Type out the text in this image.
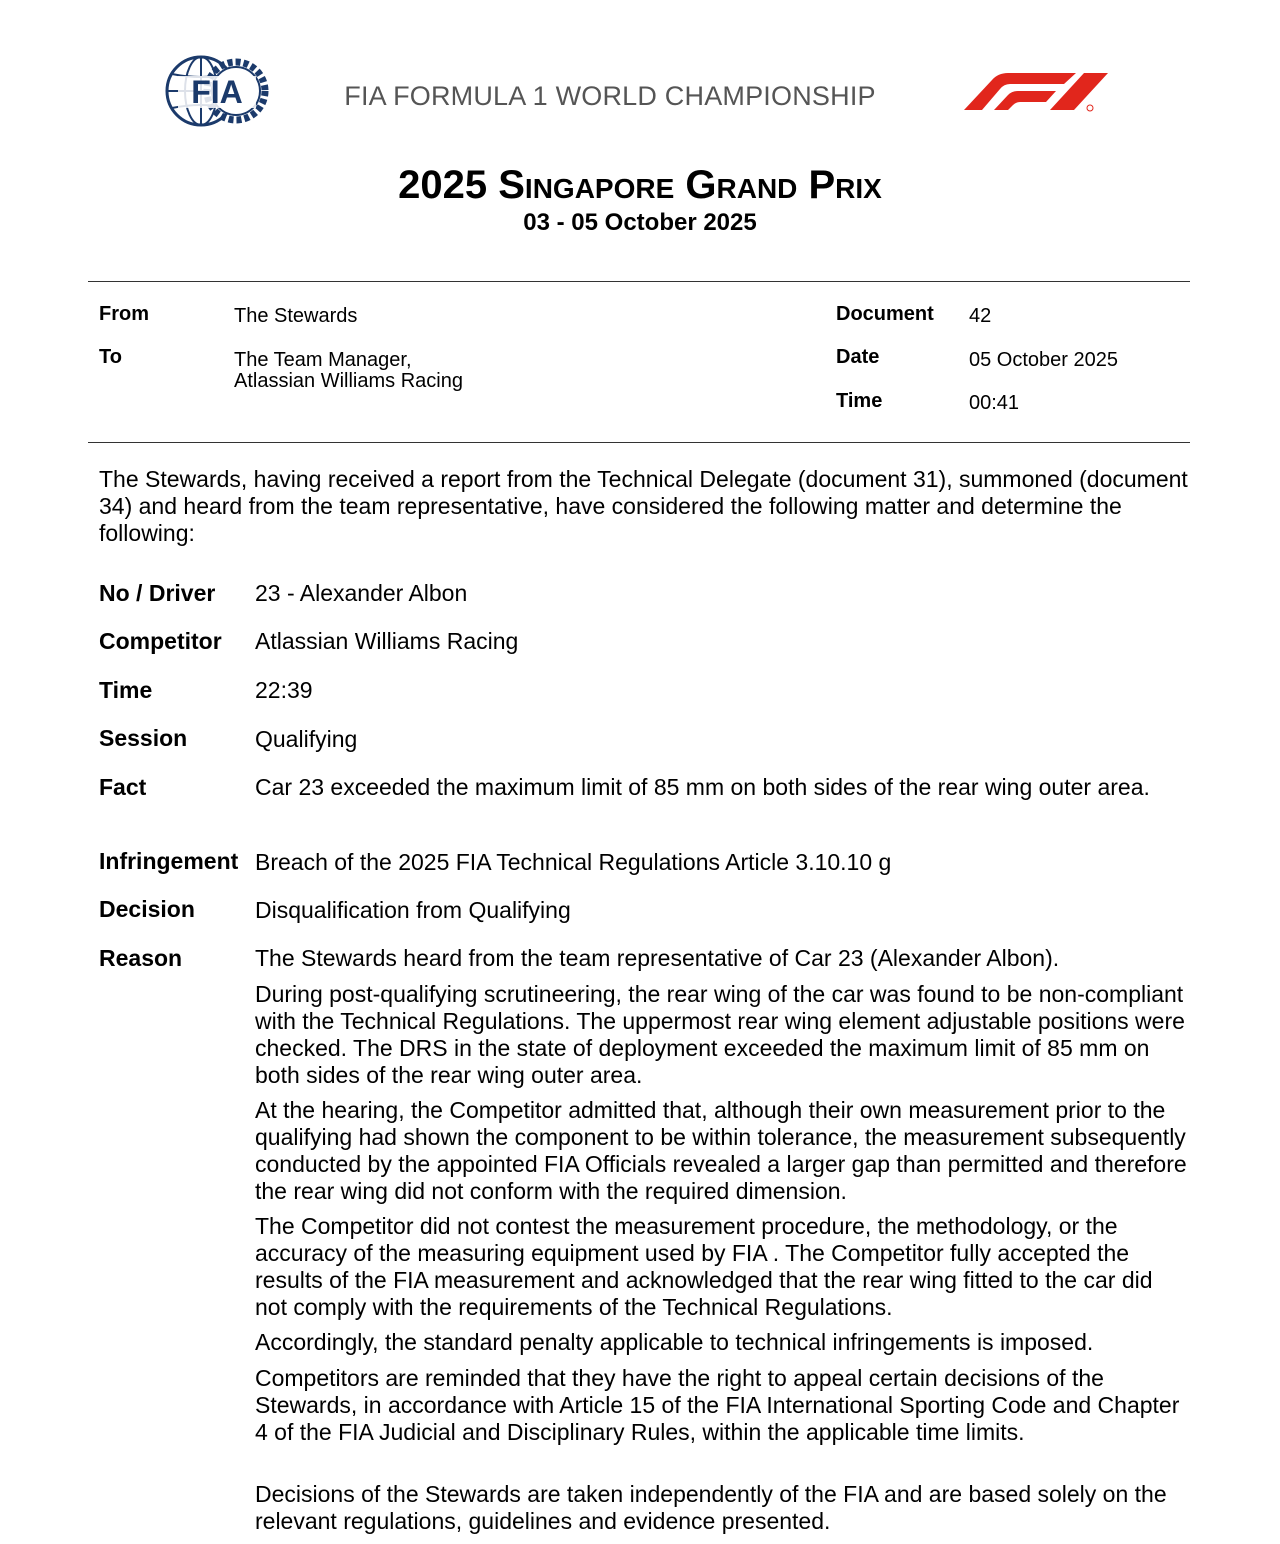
FIA	FIA FORMULA 1 WORLD CHAMPIONSHIP
2025 Singapore Grand Prix
03 - 05 October 2025
From	The Stewards
To	The Team Manager,
Atlassian Williams Racing
Document 42
Date	05 October 2025
Time	00:41
The Stewards, having received a report from the Technical Delegate (document 31), summoned (document 34) and heard from the team representative, have considered the following matter and determine the following:
No / Driver	23 - Alexander Albon
Competitor	Atlassian Williams Racing
Time	22:39
Session	Qualifying
Fact	Car 23 exceeded the maximum limit of 85 mm on both sides of the rear wing outer area.
Infringement Breach of the 2025 FIA Technical Regulations Article 3.10.10 g
Decision	Disqualification from Qualifying
Reason	The Stewards heard from the team representative of Car 23 (Alexander Albon).
During post-qualifying scrutineering, the rear wing of the car was found to be non-compliant with the Technical Regulations. The uppermost rear wing element adjustable positions were checked. The DRS in the state of deployment exceeded the maximum limit of 85 mm on both sides of the rear wing outer area.
At the hearing, the Competitor admitted that, although their own measurement prior to the qualifying had shown the component to be within tolerance, the measurement subsequently conducted by the appointed FIA Officials revealed a larger gap than permitted and therefore the rear wing did not conform with the required dimension.
The Competitor did not contest the measurement procedure, the methodology, or the accuracy of the measuring equipment used by FIA . The Competitor fully accepted the results of the FIA measurement and acknowledged that the rear wing fitted to the car did not comply with the requirements of the Technical Regulations.
Accordingly, the standard penalty applicable to technical infringements is imposed.
Competitors are reminded that they have the right to appeal certain decisions of the Stewards, in accordance with Article 15 of the FIA International Sporting Code and Chapter 4 of the FIA Judicial and Disciplinary Rules, within the applicable time limits.
Decisions of the Stewards are taken independently of the FIA and are based solely on the relevant regulations, guidelines and evidence presented.
